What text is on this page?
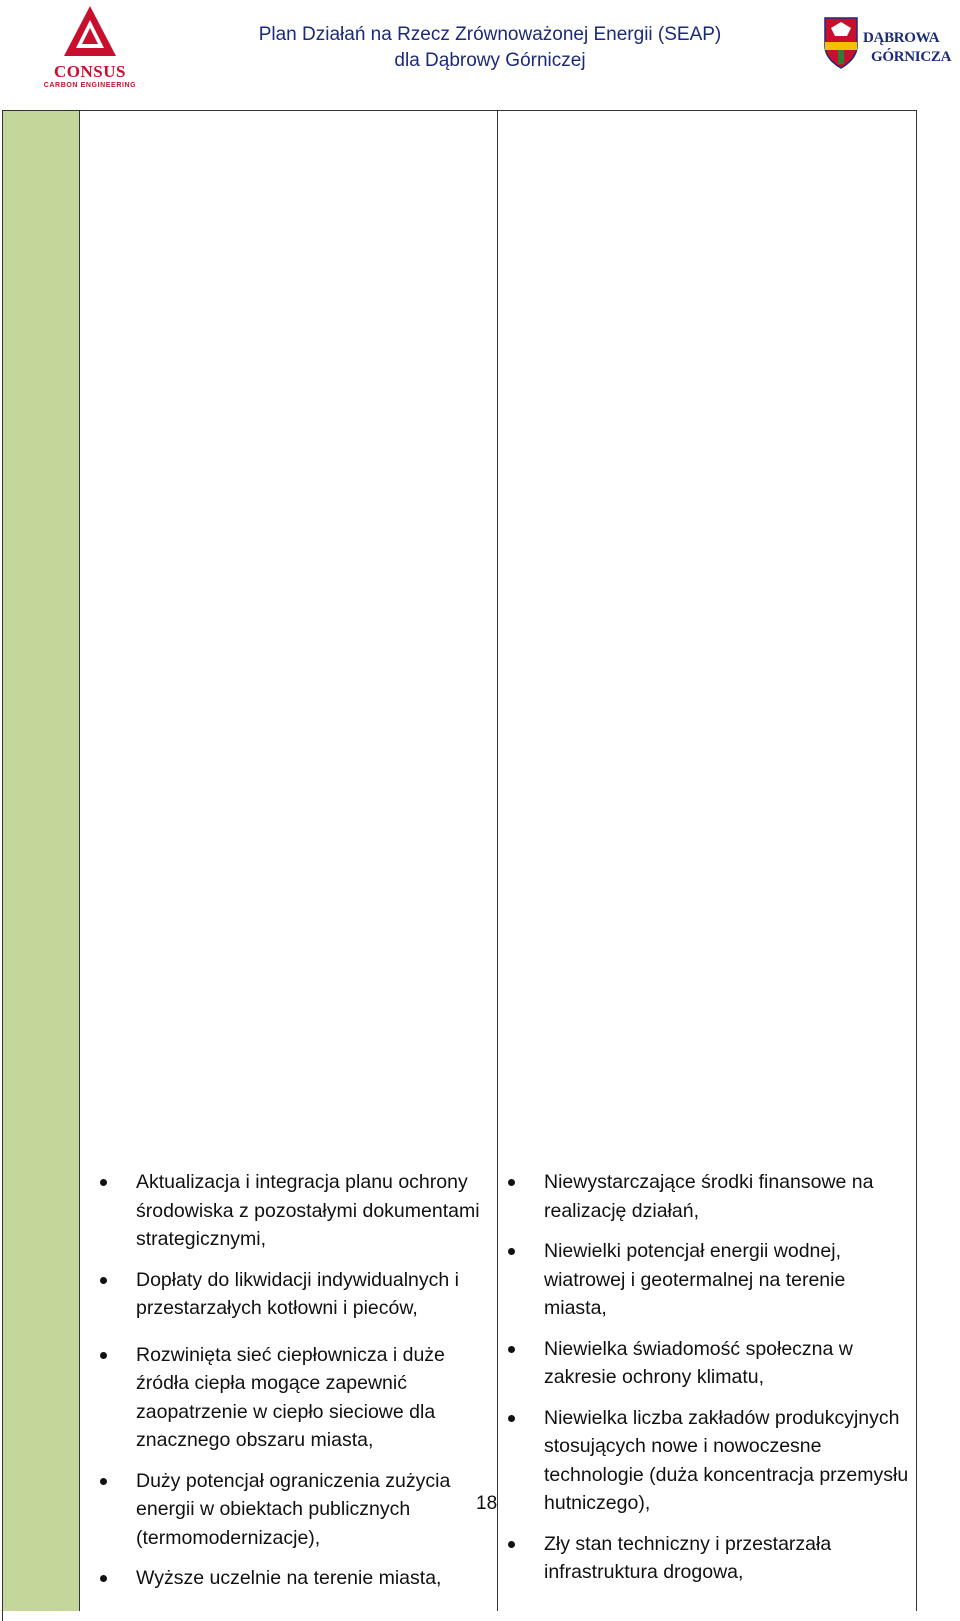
CONSUS
CARBON ENGINEERING
Plan Działań na Rzecz Zrównoważonej Energii (SEAP)
dla Dąbrowy Górniczej
DĄBROWA
GÓRNICZA
Aktualizacja i integracja planu ochrony środowiska z pozostałymi dokumentami strategicznymi,
Dopłaty do likwidacji indywidualnych i przestarzałych kotłowni i pieców,
Rozwinięta sieć ciepłownicza i duże źródła ciepła mogące zapewnić zaopatrzenie w ciepło sieciowe dla znacznego obszaru miasta,
Duży potencjał ograniczenia zużycia energii w obiektach publicznych (termomodernizacje),
Wyższe uczelnie na terenie miasta,
Niewystarczające środki finansowe na realizację działań,
Niewielki potencjał energii wodnej, wiatrowej i geotermalnej na terenie miasta,
Niewielka świadomość społeczna w zakresie ochrony klimatu,
Niewielka liczba zakładów produkcyjnych stosujących nowe i nowoczesne technologie (duża koncentracja przemysłu hutniczego),
Zły stan techniczny i przestarzała infrastruktura drogowa,
18
